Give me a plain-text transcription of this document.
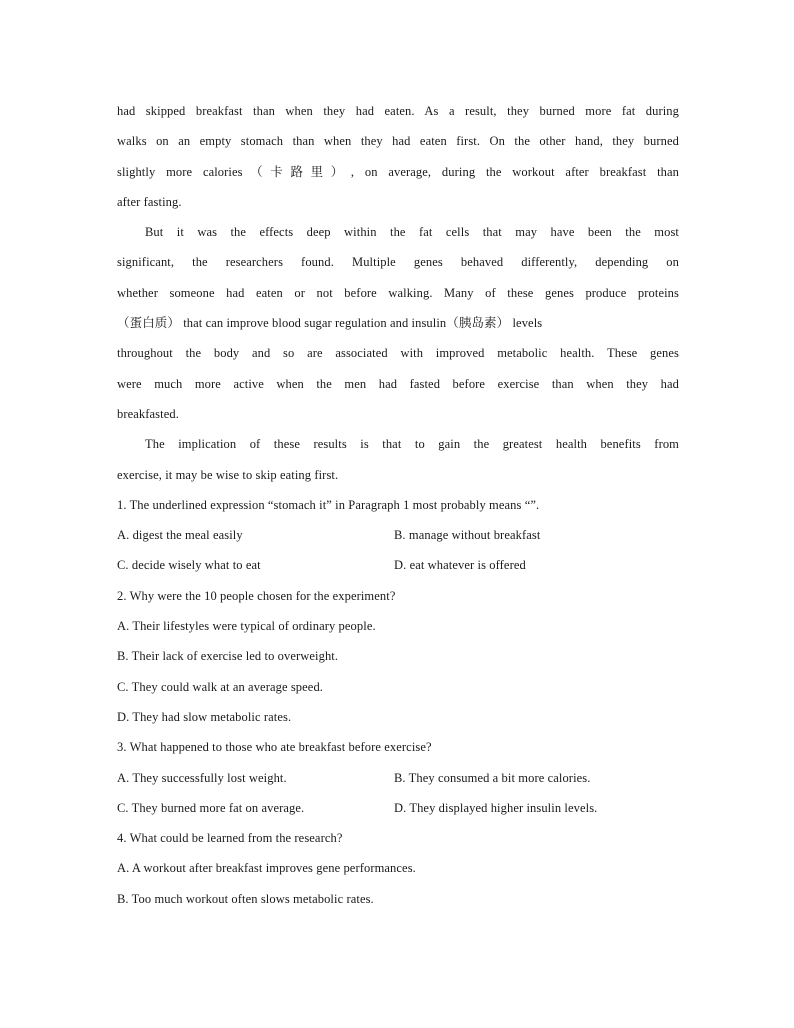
had skipped breakfast than when they had eaten. As a result, they burned more fat during
walks on an empty stomach than when they had eaten first. On the other hand, they burned
slightly more calories（卡路里）, on average, during the workout after breakfast than
after fasting.
But it was the effects deep within the fat cells that may have been the most
significant, the researchers found. Multiple genes behaved differently, depending on
whether someone had eaten or not before walking. Many of these genes produce proteins
（蛋白质） that can improve blood sugar regulation and insulin（胰岛素） levels
throughout the body and so are associated with improved metabolic health. These genes
were much more active when the men had fasted before exercise than when they had
breakfasted.
The implication of these results is that to gain the greatest health benefits from
exercise, it may be wise to skip eating first.
1. The underlined expression “stomach it” in Paragraph 1 most probably means “”.
A. digest the meal easily	B. manage without breakfast
C. decide wisely what to eat	D. eat whatever is offered
2. Why were the 10 people chosen for the experiment?
A. Their lifestyles were typical of ordinary people.
B. Their lack of exercise led to overweight.
C. They could walk at an average speed.
D. They had slow metabolic rates.
3. What happened to those who ate breakfast before exercise?
A. They successfully lost weight.	B. They consumed a bit more calories.
C. They burned more fat on average.	D. They displayed higher insulin levels.
4. What could be learned from the research?
A. A workout after breakfast improves gene performances.
B. Too much workout often slows metabolic rates.
